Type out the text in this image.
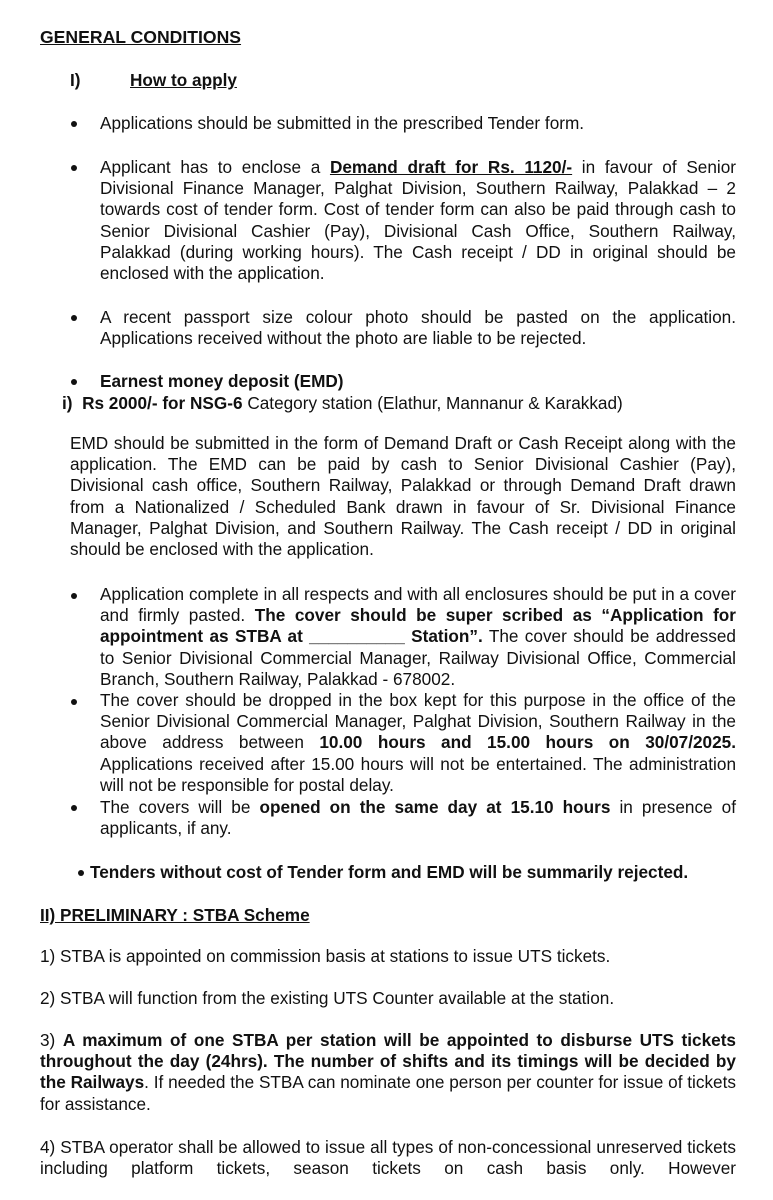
GENERAL CONDITIONS
I)	How to apply

Applications should be submitted in the prescribed Tender form.

Applicant has to enclose a Demand draft for Rs. 1120/- in favour of Senior Divisional Finance Manager, Palghat Division, Southern Railway, Palakkad – 2 towards cost of tender form. Cost of tender form can also be paid through cash to Senior Divisional Cashier (Pay), Divisional Cash Office, Southern Railway, Palakkad (during working hours). The Cash receipt / DD in original should be enclosed with the application.

A recent passport size colour photo should be pasted on the application. Applications received without the photo are liable to be rejected.

Earnest money deposit (EMD)
i) Rs 2000/- for NSG-6 Category station (Elathur, Mannanur & Karakkad)

EMD should be submitted in the form of Demand Draft or Cash Receipt along with the application. The EMD can be paid by cash to Senior Divisional Cashier (Pay), Divisional cash office, Southern Railway, Palakkad or through Demand Draft drawn from a Nationalized / Scheduled Bank drawn in favour of Sr. Divisional Finance Manager, Palghat Division, and Southern Railway. The Cash receipt / DD in original should be enclosed with the application.

Application complete in all respects and with all enclosures should be put in a cover and firmly pasted. The cover should be super scribed as “Application for appointment as STBA at __________ Station”. The cover should be addressed to Senior Divisional Commercial Manager, Railway Divisional Office, Commercial Branch, Southern Railway, Palakkad - 678002.

The cover should be dropped in the box kept for this purpose in the office of the Senior Divisional Commercial Manager, Palghat Division, Southern Railway in the above address between 10.00 hours and 15.00 hours on 30/07/2025. Applications received after 15.00 hours will not be entertained. The administration will not be responsible for postal delay.

The covers will be opened on the same day at 15.10 hours in presence of applicants, if any.

Tenders without cost of Tender form and EMD will be summarily rejected.
II) PRELIMINARY : STBA Scheme

1) STBA is appointed on commission basis at stations to issue UTS tickets.

2) STBA will function from the existing UTS Counter available at the station.

3) A maximum of one STBA per station will be appointed to disburse UTS tickets throughout the day (24hrs). The number of shifts and its timings will be decided by the Railways. If needed the STBA can nominate one person per counter for issue of tickets for assistance.

4) STBA operator shall be allowed to issue all types of non-concessional unreserved tickets including platform tickets, season tickets on cash basis only. However
